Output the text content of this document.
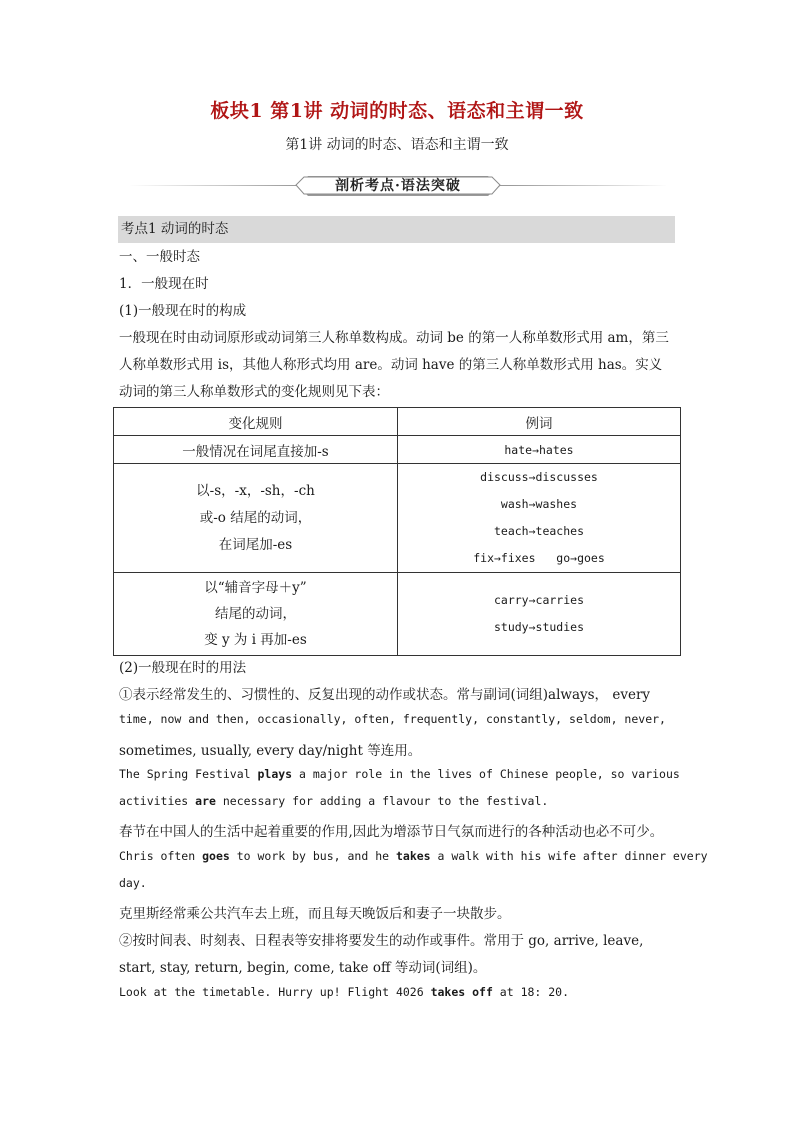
板块1 第1讲 动词的时态、语态和主谓一致
第1讲 动词的时态、语态和主谓一致
剖析考点·语法突破
考点1 动词的时态
一、一般时态
1．一般现在时
(1)一般现在时的构成
一般现在时由动词原形或动词第三人称单数构成。动词 be 的第一人称单数形式用 am，第三
人称单数形式用 is，其他人称形式均用 are。动词 have 的第三人称单数形式用 has。实义
动词的第三人称单数形式的变化规则见下表：
变化规则	例词

一般情况在词尾直接加-s	hate→hates

以-s，-x，-sh，-ch
或-o 结尾的动词，
在词尾加-es	discuss→discusses
wash→washes
teach→teaches
fix→fixes   go→goes

以“辅音字母＋y”
结尾的动词，
变 y 为 i 再加-es	carry→carries
study→studies
(2)一般现在时的用法
①表示经常发生的、习惯性的、反复出现的动作或状态。常与副词(词组)always， every
time, now and then, occasionally, often, frequently, constantly, seldom, never,
sometimes, usually, every day/night 等连用。
The Spring Festival plays a major role in the lives of Chinese people, so various
activities are necessary for adding a flavour to the festival.
春节在中国人的生活中起着重要的作用,因此为增添节日气氛而进行的各种活动也必不可少。
Chris often goes to work by bus, and he takes a walk with his wife after dinner every
day.
克里斯经常乘公共汽车去上班，而且每天晚饭后和妻子一块散步。
②按时间表、时刻表、日程表等安排将要发生的动作或事件。常用于 go, arrive, leave,
start, stay, return, begin, come, take off 等动词(词组)。
Look at the timetable. Hurry up! Flight 4026 takes off at 18: 20.
